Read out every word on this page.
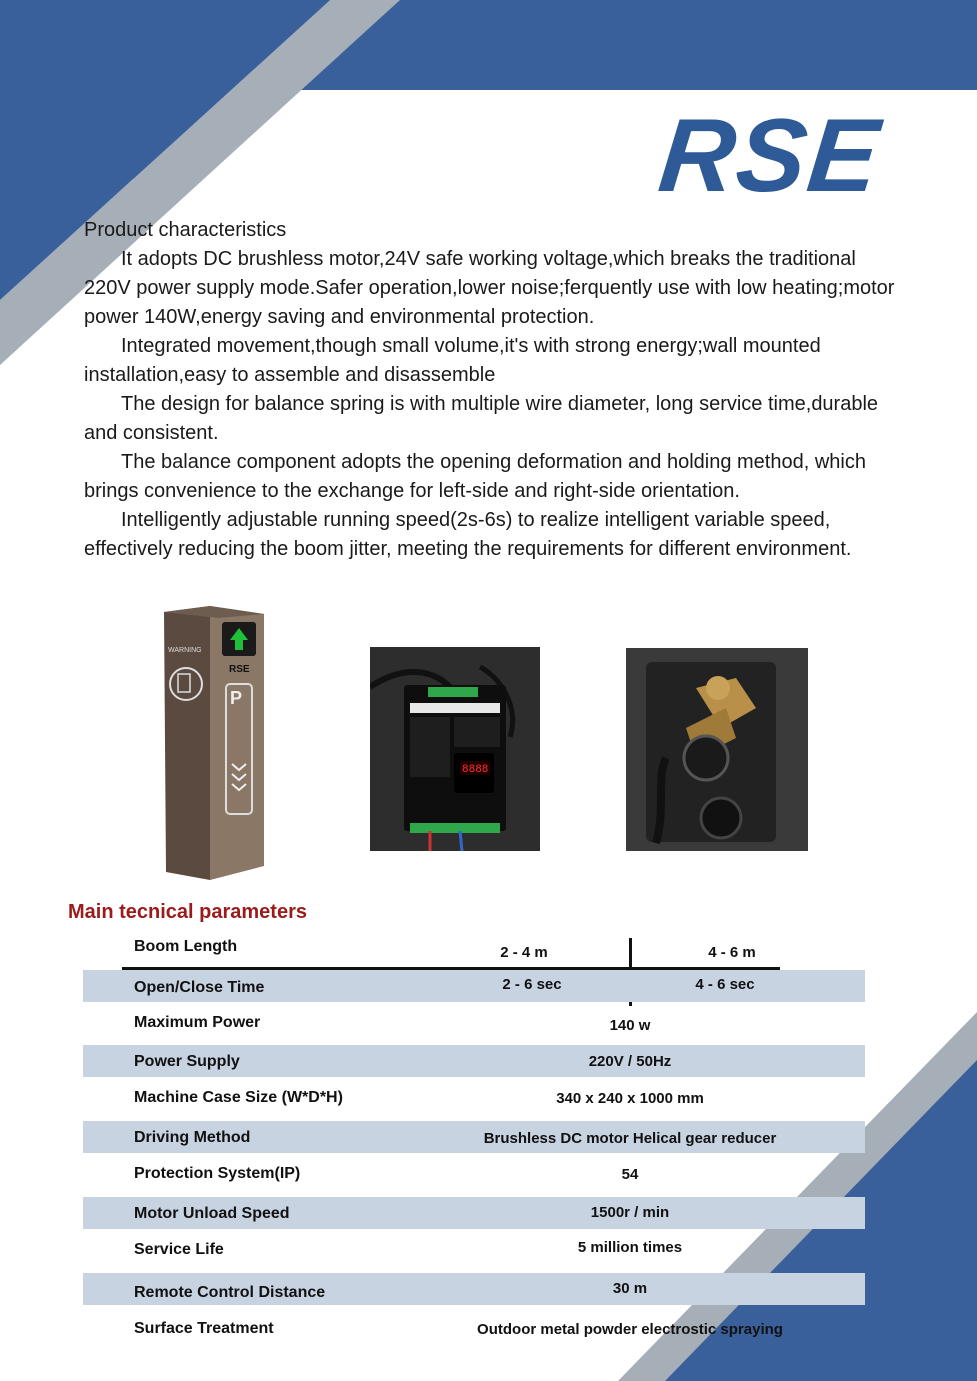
RSE

Product characteristics

It adopts DC brushless motor,24V safe working voltage,which breaks the traditional 220V power supply mode.Safer operation,lower noise;ferquently use with low heating;motor power 140W,energy saving and environmental protection.

Integrated movement,though small volume,it's with strong energy;wall mounted installation,easy to assemble and disassemble

The design for balance spring is with multiple wire diameter, long service time,durable and consistent.

The balance component adopts the opening deformation and holding method, which brings convenience to the exchange for left-side and right-side orientation.

Intelligently adjustable running speed(2s-6s) to realize intelligent variable speed, effectively reducing the boom jitter, meeting the requirements for different environment.

RSE
P
WARNING
8888
Main tecnical parameters
Boom Length	2 - 4 m	4 - 6 m
Open/Close Time	2 - 6 sec	4 - 6 sec
Maximum Power	140 w
Power Supply	220V / 50Hz
Machine Case Size (W*D*H)	340 x 240 x 1000 mm
Driving Method	Brushless DC motor Helical gear reducer
Protection System(IP)	54
Motor Unload Speed	1500r / min
Service Life	5 million times
Remote Control Distance	30 m
Surface Treatment	Outdoor metal powder electrostic spraying
